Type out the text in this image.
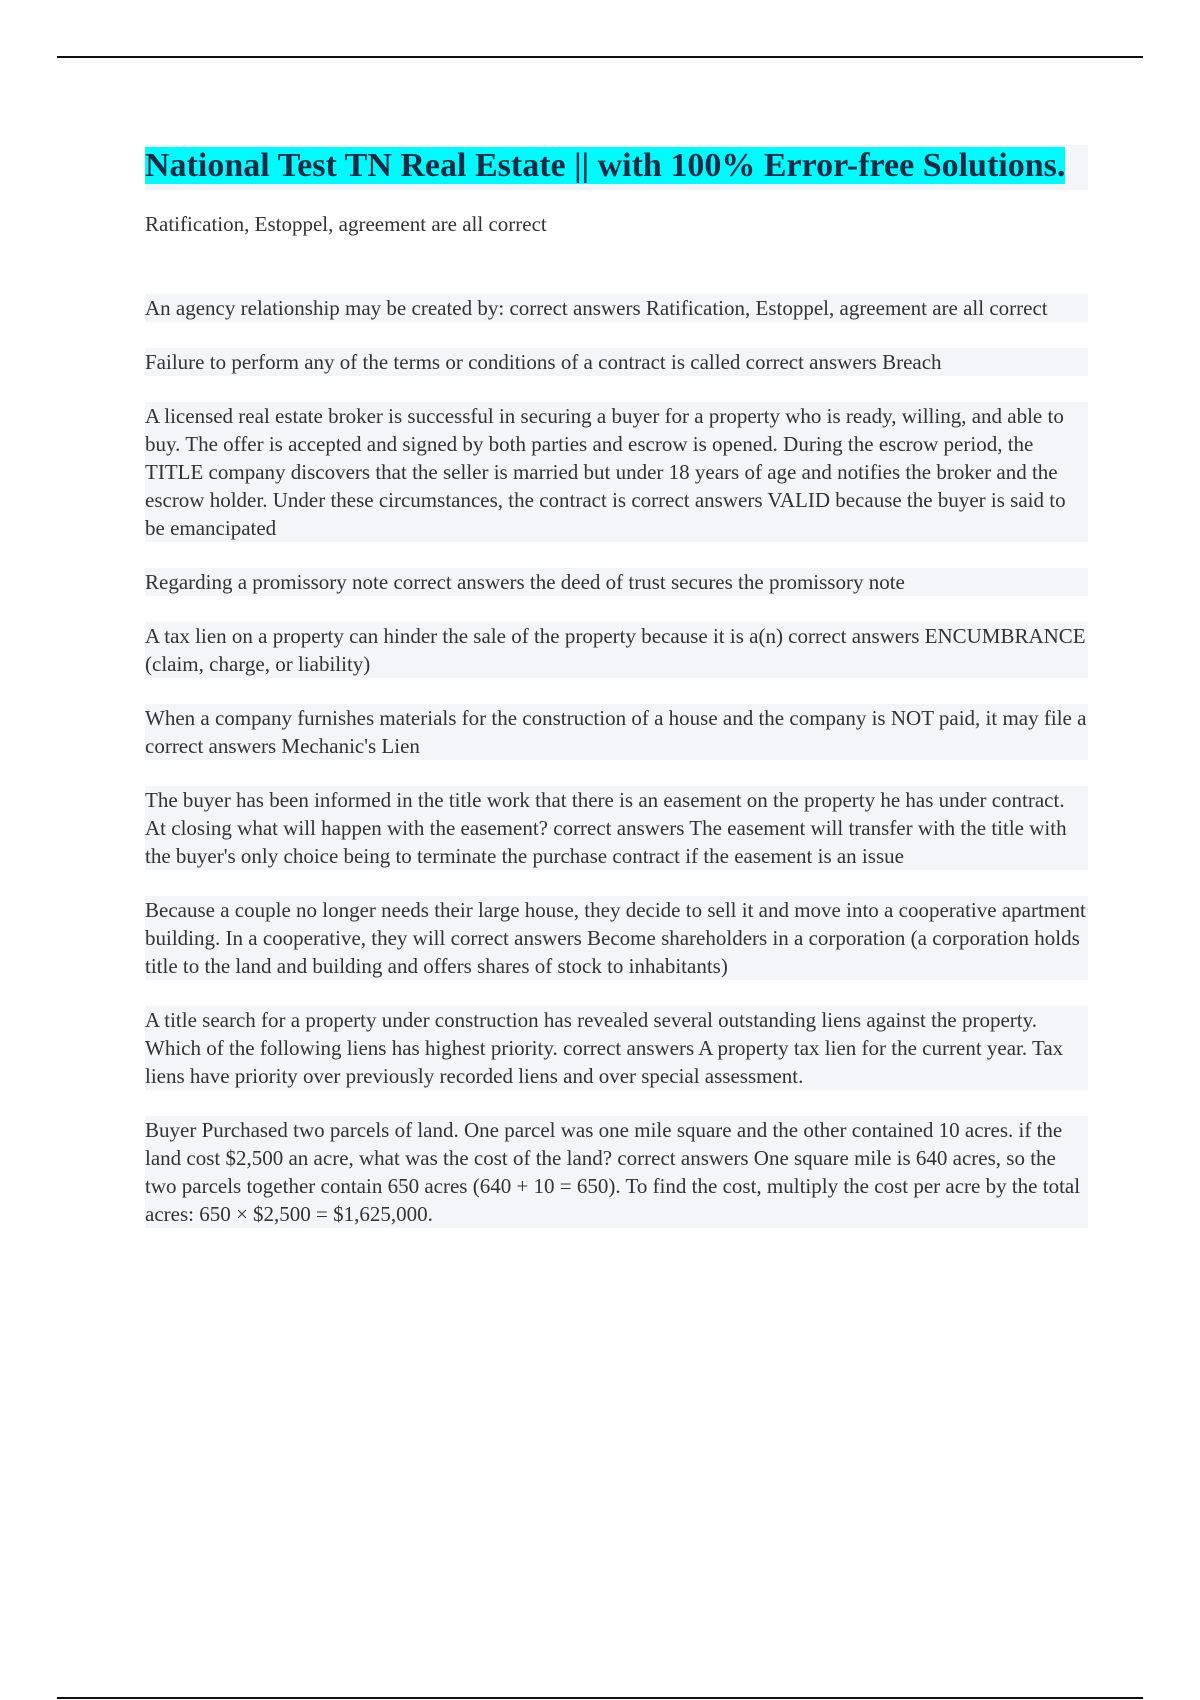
National Test TN Real Estate || with 100% Error-free Solutions.

Ratification, Estoppel, agreement are all correct

An agency relationship may be created by: correct answers Ratification, Estoppel, agreement are all correct

Failure to perform any of the terms or conditions of a contract is called correct answers Breach

A licensed real estate broker is successful in securing a buyer for a property who is ready, willing, and able to buy. The offer is accepted and signed by both parties and escrow is opened. During the escrow period, the TITLE company discovers that the seller is married but under 18 years of age and notifies the broker and the escrow holder. Under these circumstances, the contract is correct answers VALID because the buyer is said to be emancipated

Regarding a promissory note correct answers the deed of trust secures the promissory note

A tax lien on a property can hinder the sale of the property because it is a(n) correct answers ENCUMBRANCE (claim, charge, or liability)

When a company furnishes materials for the construction of a house and the company is NOT paid, it may file a correct answers Mechanic's Lien

The buyer has been informed in the title work that there is an easement on the property he has under contract. At closing what will happen with the easement? correct answers The easement will transfer with the title with the buyer's only choice being to terminate the purchase contract if the easement is an issue

Because a couple no longer needs their large house, they decide to sell it and move into a cooperative apartment building. In a cooperative, they will correct answers Become shareholders in a corporation (a corporation holds title to the land and building and offers shares of stock to inhabitants)

A title search for a property under construction has revealed several outstanding liens against the property. Which of the following liens has highest priority. correct answers A property tax lien for the current year. Tax liens have priority over previously recorded liens and over special assessment.

Buyer Purchased two parcels of land. One parcel was one mile square and the other contained 10 acres. if the land cost $2,500 an acre, what was the cost of the land? correct answers One square mile is 640 acres, so the two parcels together contain 650 acres (640 + 10 = 650). To find the cost, multiply the cost per acre by the total acres: 650 × $2,500 = $1,625,000.
